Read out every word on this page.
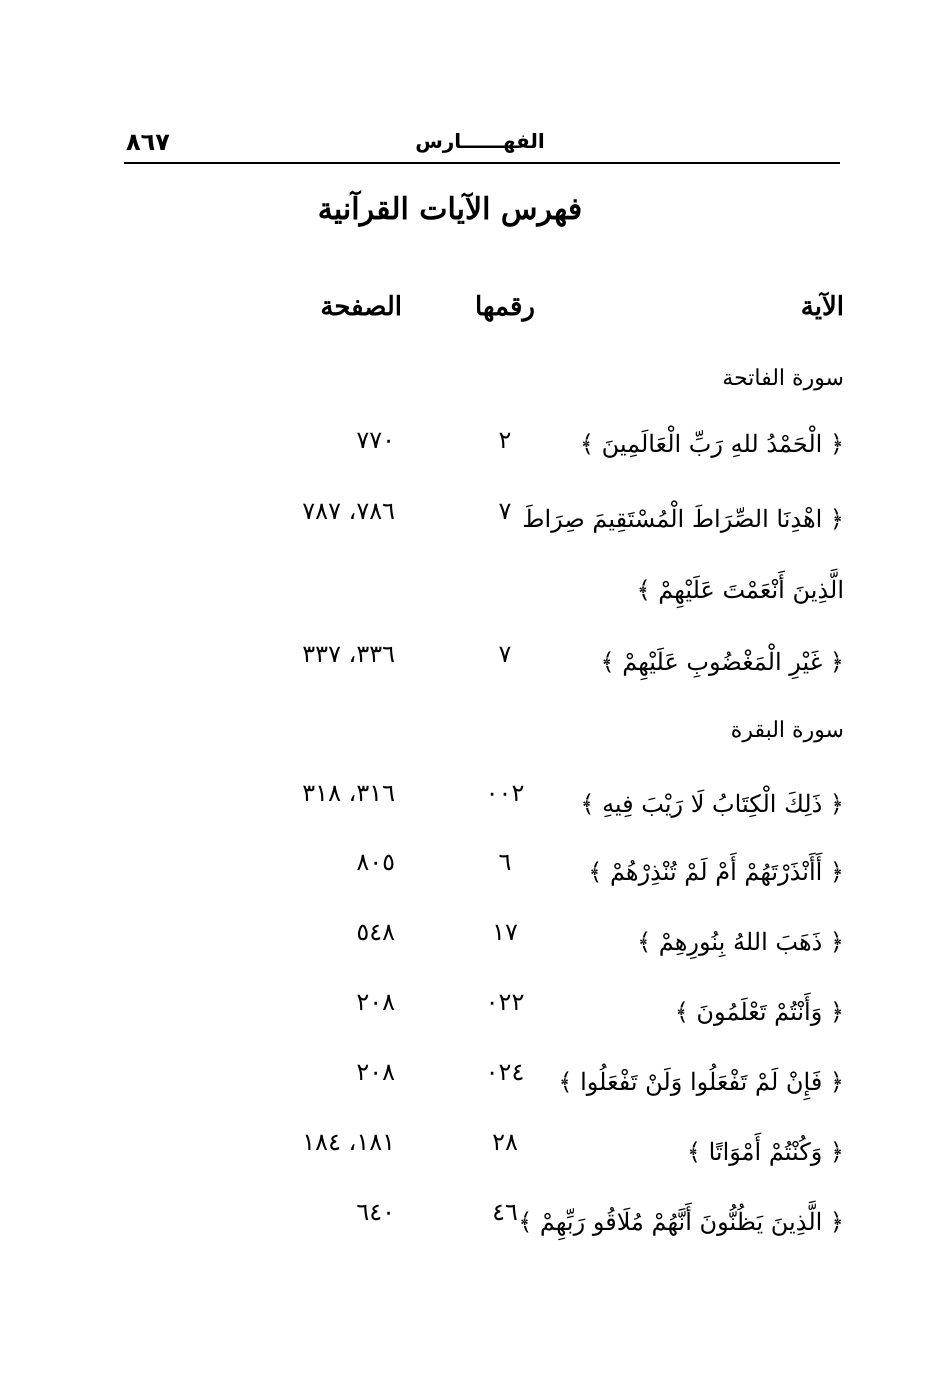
٨٦٧	الفهــــــارس
فهرس الآيات القرآنية
الآية
رقمها
الصفحة
سورة الفاتحة
﴿ الْحَمْدُ للهِ رَبِّ الْعَالَمِينَ ﴾
٢
٧٧٠
﴿ اهْدِنَا الصِّرَاطَ الْمُسْتَقِيمَ صِرَاطَ
الَّذِينَ أَنْعَمْتَ عَلَيْهِمْ ﴾
٧
٧٨٦، ٧٨٧
﴿ غَيْرِ الْمَغْضُوبِ عَلَيْهِمْ ﴾
٧
٣٣٦، ٣٣٧
سورة البقرة
﴿ ذَلِكَ الْكِتَابُ لَا رَيْبَ فِيهِ ﴾
٠٠٢
٣١٦، ٣١٨
﴿ أَأَنْذَرْتَهُمْ أَمْ لَمْ تُنْذِرْهُمْ ﴾
٦
٨٠٥
﴿ ذَهَبَ اللهُ بِنُورِهِمْ ﴾
١٧
٥٤٨
﴿ وَأَنْتُمْ تَعْلَمُونَ ﴾
٠٢٢
٢٠٨
﴿ فَإِنْ لَمْ تَفْعَلُوا وَلَنْ تَفْعَلُوا ﴾
٠٢٤
٢٠٨
﴿ وَكُنْتُمْ أَمْوَاتًا ﴾
٢٨
١٨١، ١٨٤
﴿ الَّذِينَ يَظُنُّونَ أَنَّهُمْ مُلَاقُو رَبِّهِمْ ﴾
٤٦
٦٤٠
